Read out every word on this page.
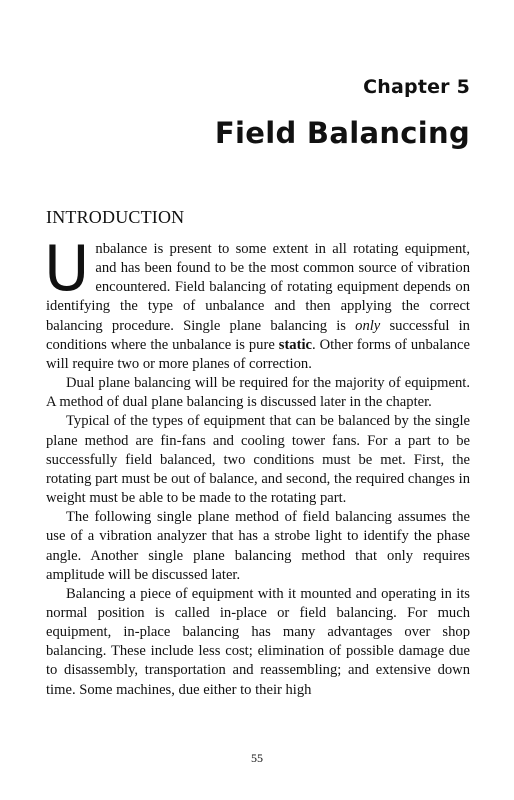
Chapter 5
Field Balancing
INTRODUCTION

Unbalance is present to some extent in all rotating equipment, and has been found to be the most common source of vibration encountered. Field balancing of rotating equipment depends on identifying the type of unbalance and then applying the correct balancing procedure. Single plane balancing is only successful in conditions where the unbalance is pure static. Other forms of unbalance will require two or more planes of correction.

Dual plane balancing will be required for the majority of equipment. A method of dual plane balancing is discussed later in the chapter.

Typical of the types of equipment that can be balanced by the single plane method are fin-fans and cooling tower fans. For a part to be successfully field balanced, two conditions must be met. First, the rotating part must be out of balance, and second, the required changes in weight must be able to be made to the rotating part.

The following single plane method of field balancing assumes the use of a vibration analyzer that has a strobe light to identify the phase angle. Another single plane balancing method that only requires amplitude will be discussed later.

Balancing a piece of equipment with it mounted and operating in its normal position is called in-place or field balancing. For much equipment, in-place balancing has many advantages over shop balancing. These include less cost; elimination of possible damage due to disassembly, transportation and reassembling; and extensive down time. Some machines, due either to their high

55
